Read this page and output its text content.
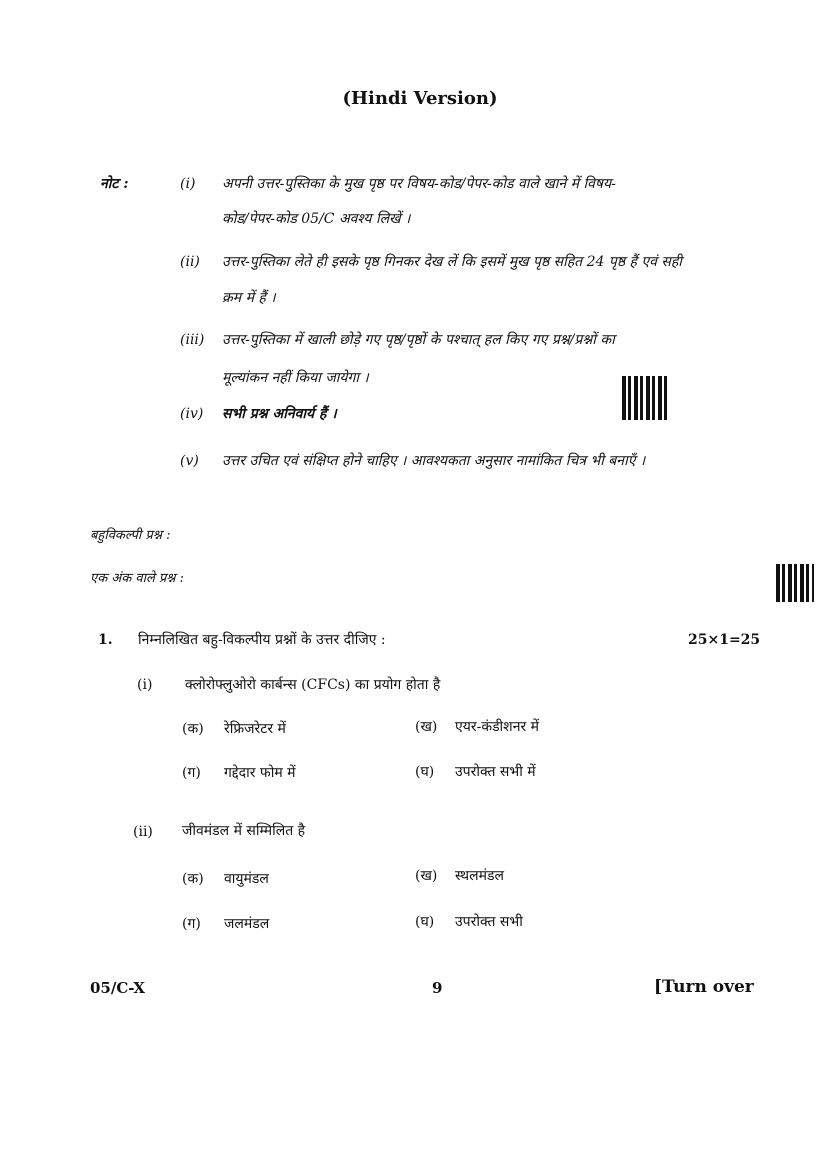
(Hindi Version)
नोट :	(i) अपनी उत्तर-पुस्तिका के मुख पृष्ठ पर विषय-कोड/पेपर-कोड वाले खाने में विषय-
कोड/पेपर-कोड 05/C अवश्य लिखें ।
(ii) उत्तर-पुस्तिका लेते ही इसके पृष्ठ गिनकर देख लें कि इसमें मुख पृष्ठ सहित 24 पृष्ठ हैं एवं सही
क्रम में हैं ।
(iii) उत्तर-पुस्तिका में खाली छोड़े गए पृष्ठ/पृष्ठों के पश्चात् हल किए गए प्रश्न/प्रश्नों का
मूल्यांकन नहीं किया जायेगा ।
(iv) सभी प्रश्न अनिवार्य हैं ।
(v) उत्तर उचित एवं संक्षिप्त होने चाहिए । आवश्यकता अनुसार नामांकित चित्र भी बनाएँ ।
बहुविकल्पी प्रश्न :
एक अंक वाले प्रश्न :
1. निम्नलिखित बहु-विकल्पीय प्रश्नों के उत्तर दीजिए :	25×1=25
(i) क्लोरोफ्लुओरो कार्बन्स (CFCs) का प्रयोग होता है
(क) रेफ्रिजरेटर में	(ख) एयर-कंडीशनर में
(ग) गद्देदार फोम में	(घ) उपरोक्त सभी में
(ii) जीवमंडल में सम्मिलित है
(क) वायुमंडल	(ख) स्थलमंडल
(ग) जलमंडल	(घ) उपरोक्त सभी
05/C-X	9	[Turn over
